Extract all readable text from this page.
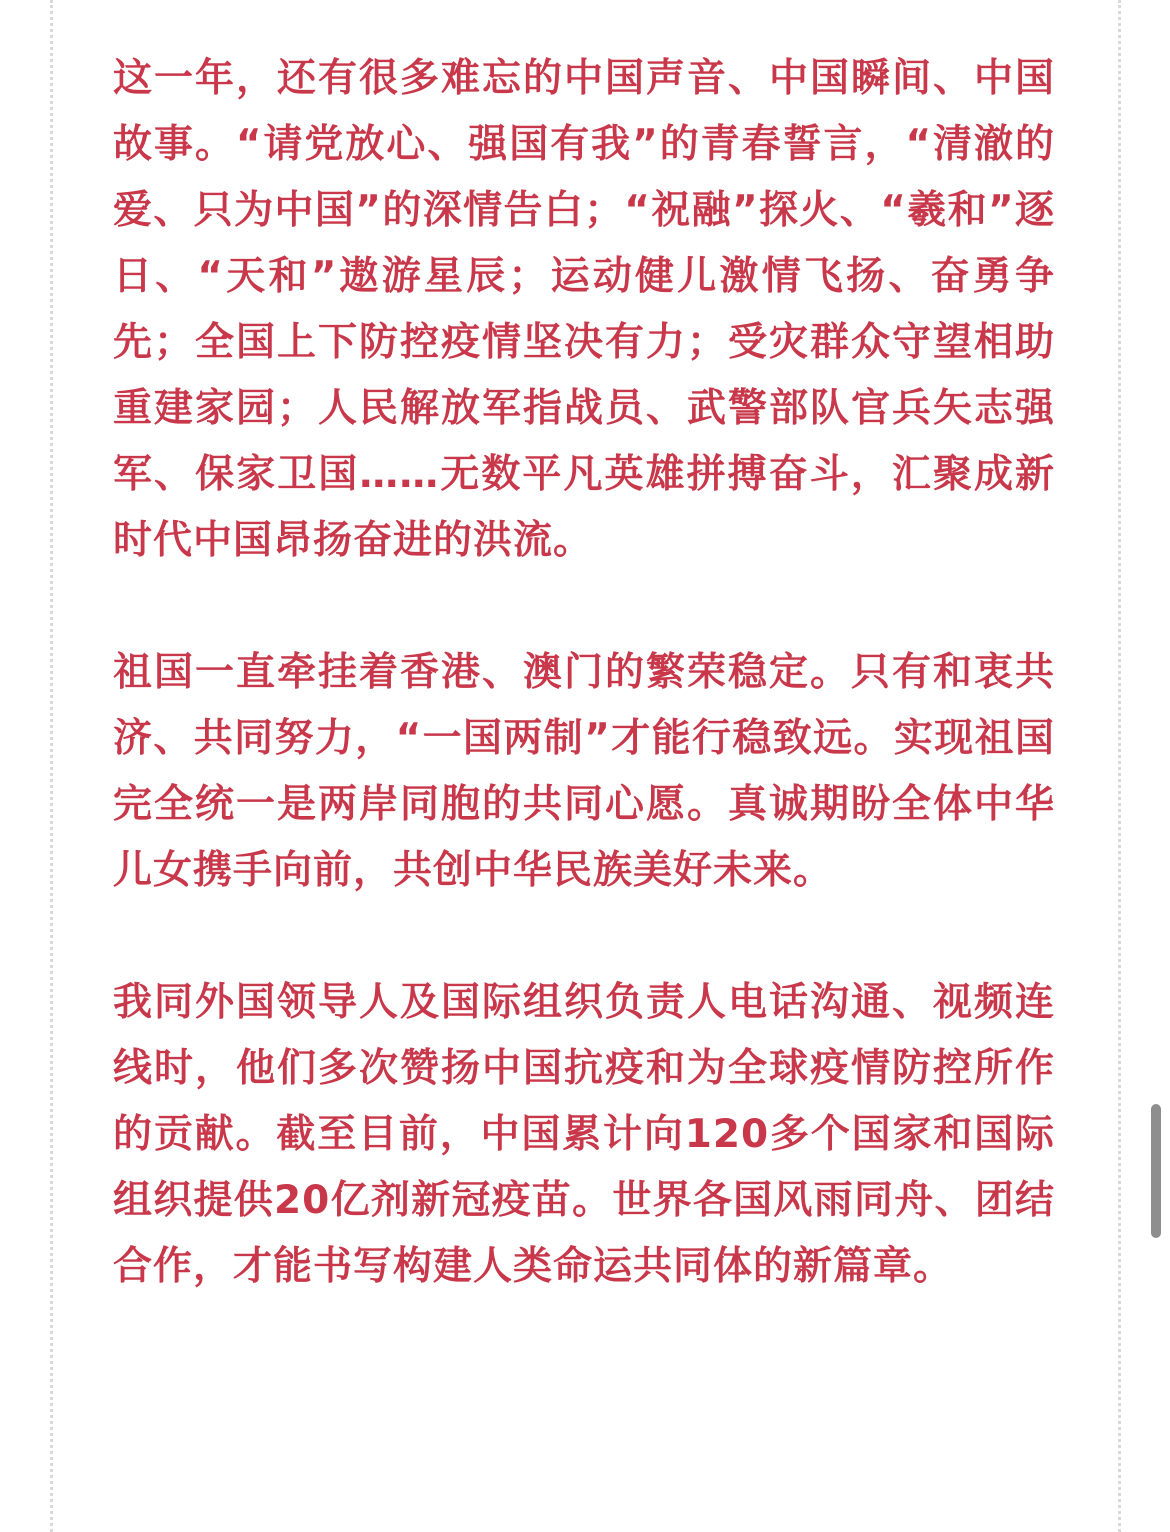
这一年，还有很多难忘的中国声音、中国瞬间、中国故事。“请党放心、强国有我”的青春誓言，“清澈的爱、只为中国”的深情告白；“祝融”探火、“羲和”逐日、“天和”遨游星辰；运动健儿激情飞扬、奋勇争先；全国上下防控疫情坚决有力；受灾群众守望相助重建家园；人民解放军指战员、武警部队官兵矢志强军、保家卫国……无数平凡英雄拼搏奋斗，汇聚成新时代中国昂扬奋进的洪流。

祖国一直牵挂着香港、澳门的繁荣稳定。只有和衷共济、共同努力，“一国两制”才能行稳致远。实现祖国完全统一是两岸同胞的共同心愿。真诚期盼全体中华儿女携手向前，共创中华民族美好未来。

我同外国领导人及国际组织负责人电话沟通、视频连线时，他们多次赞扬中国抗疫和为全球疫情防控所作的贡献。截至目前，中国累计向120多个国家和国际组织提供20亿剂新冠疫苗。世界各国风雨同舟、团结合作，才能书写构建人类命运共同体的新篇章。
